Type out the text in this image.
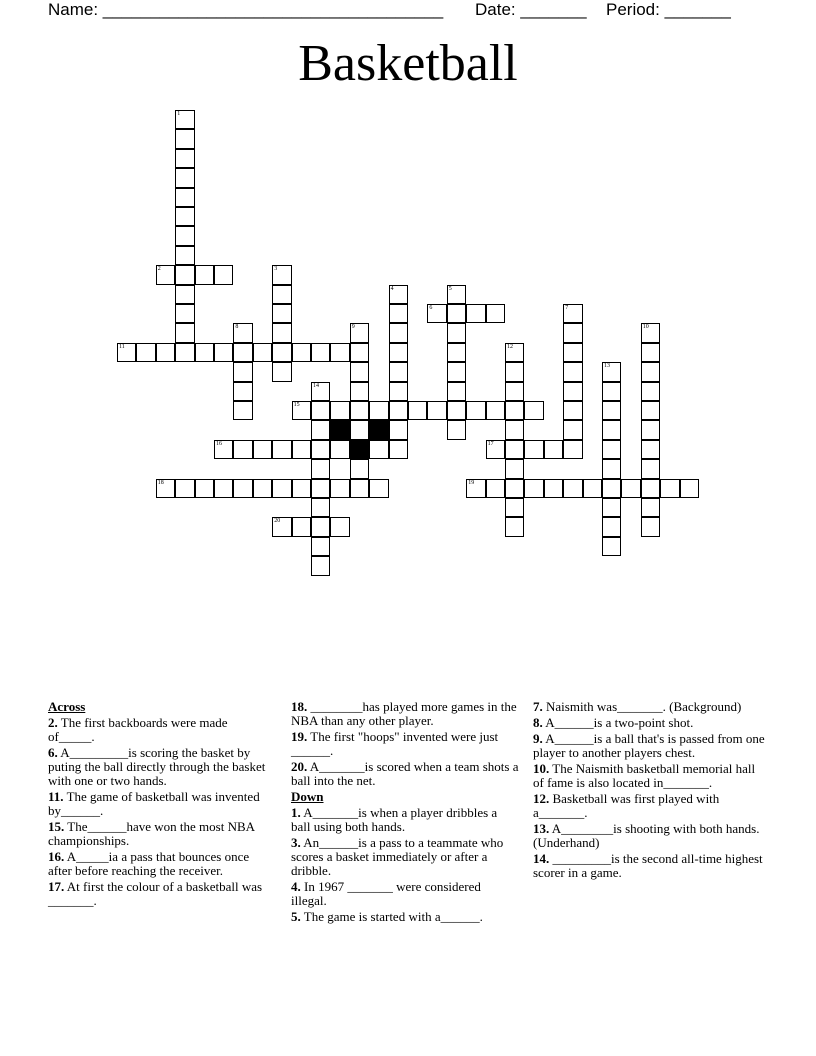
Name: ____________________________________ Date: _______ Period: _______
Basketball
1
2	3
4	5
6	7
8	9	10
11	12
13
14
15
16	17
18	19
20
Across
2. The first backboards were made of_____.
6. A_________is scoring the basket by puting the ball directly through the basket with one or two hands.
11. The game of basketball was invented by______.
15. The______have won the most NBA championships.
16. A_____ia a pass that bounces once after before reaching the receiver.
17. At first the colour of a basketball was _______.
18. ________has played more games in the NBA than any other player.
19. The first "hoops" invented were just ______.
20. A_______is scored when a team shots a ball into the net.
Down
1. A_______is when a player dribbles a ball using both hands.
3. An______is a pass to a teammate who scores a basket immediately or after a dribble.
4. In 1967 _______ were considered illegal.
5. The game is started with a______.
7. Naismith was_______. (Background)
8. A______is a two-point shot.
9. A______is a ball that's is passed from one player to another players chest.
10. The Naismith basketball memorial hall of fame is also located in_______.
12. Basketball was first played with a_______.
13. A________is shooting with both hands. (Underhand)
14. _________is the second all-time highest scorer in a game.
